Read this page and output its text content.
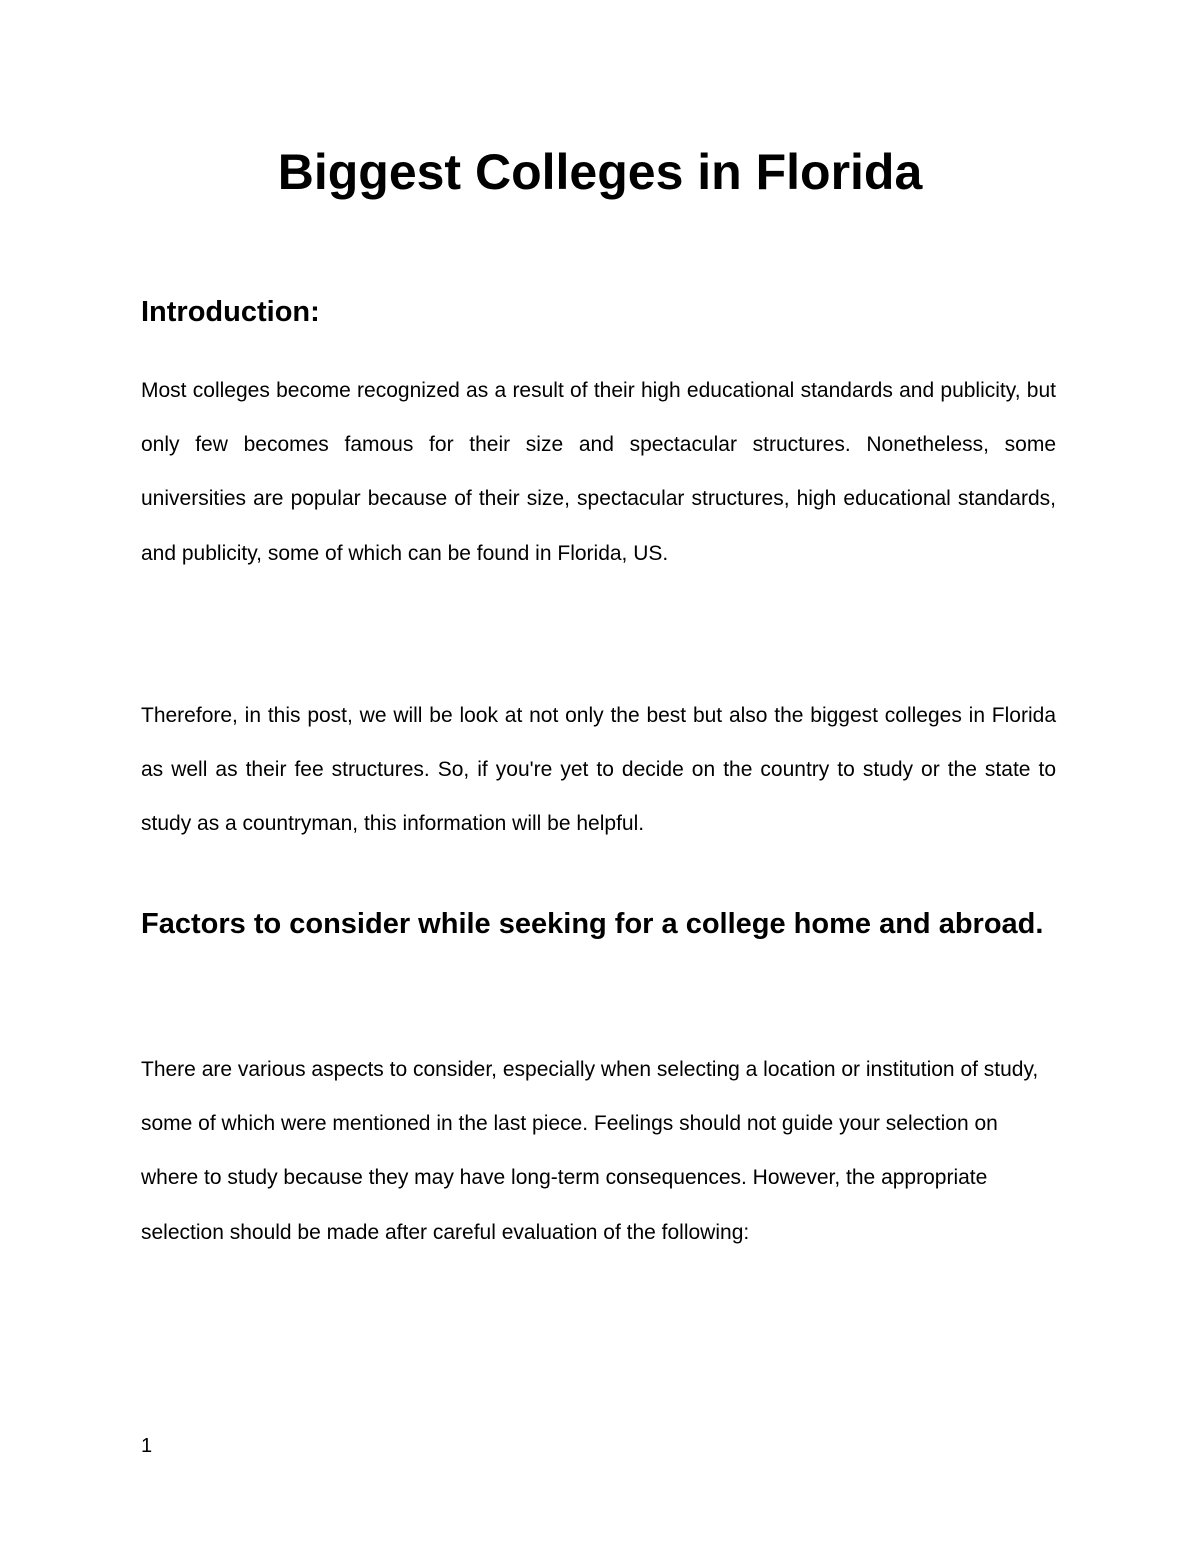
Biggest Colleges in Florida
Introduction:

Most colleges become recognized as a result of their high educational standards and publicity, but only few becomes famous for their size and spectacular structures. Nonetheless, some universities are popular because of their size, spectacular structures, high educational standards, and publicity, some of which can be found in Florida, US.

Therefore, in this post, we will be look at not only the best but also the biggest colleges in Florida as well as their fee structures. So, if you're yet to decide on the country to study or the state to study as a countryman, this information will be helpful.

Factors to consider while seeking for a college home and abroad.

There are various aspects to consider, especially when selecting a location or institution of study, some of which were mentioned in the last piece. Feelings should not guide your selection on where to study because they may have long-term consequences. However, the appropriate selection should be made after careful evaluation of the following:

1
